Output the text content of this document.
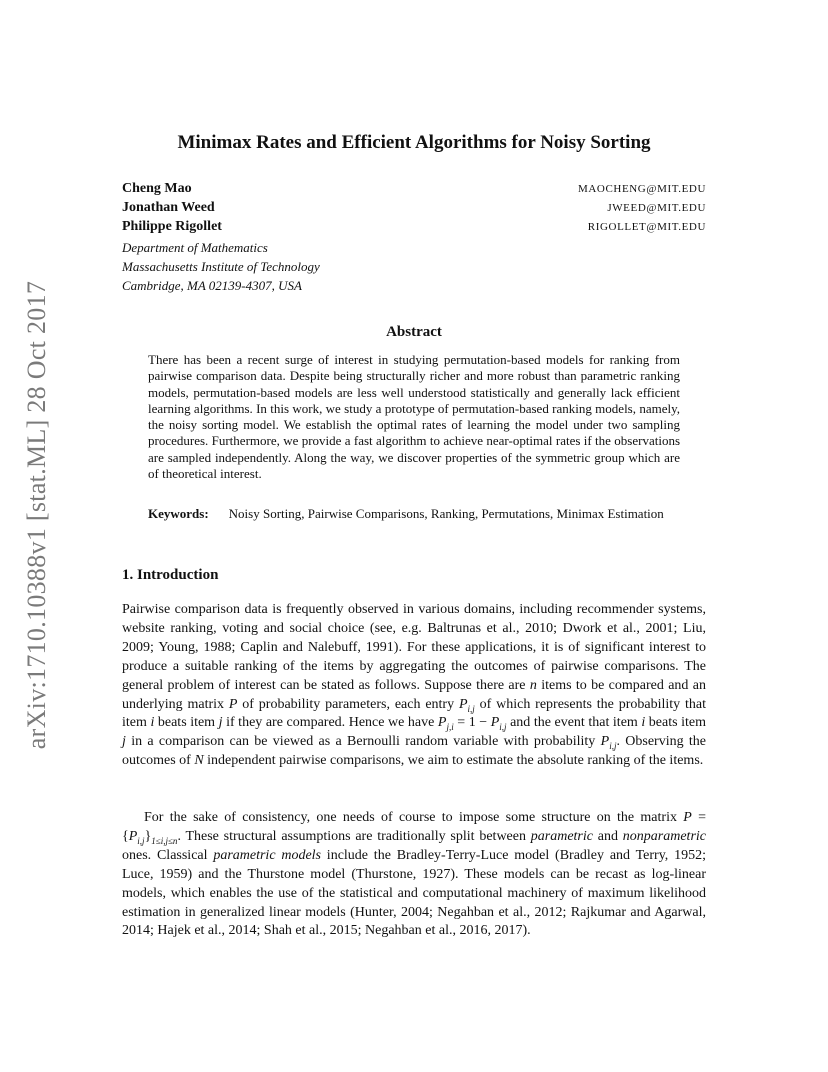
arXiv:1710.10388v1 [stat.ML] 28 Oct 2017
Minimax Rates and Efficient Algorithms for Noisy Sorting
Cheng Mao	MAOCHENG@MIT.EDU
Jonathan Weed	JWEED@MIT.EDU
Philippe Rigollet	RIGOLLET@MIT.EDU
Department of Mathematics
Massachusetts Institute of Technology
Cambridge, MA 02139-4307, USA
Abstract
There has been a recent surge of interest in studying permutation-based models for ranking from pairwise comparison data. Despite being structurally richer and more robust than parametric ranking models, permutation-based models are less well understood statistically and generally lack efficient learning algorithms. In this work, we study a prototype of permutation-based ranking models, namely, the noisy sorting model. We establish the optimal rates of learning the model under two sampling procedures. Furthermore, we provide a fast algorithm to achieve near-optimal rates if the observations are sampled independently. Along the way, we discover properties of the symmetric group which are of theoretical interest.
Keywords: Noisy Sorting, Pairwise Comparisons, Ranking, Permutations, Minimax Estimation
1. Introduction
Pairwise comparison data is frequently observed in various domains, including recommender systems, website ranking, voting and social choice (see, e.g. Baltrunas et al., 2010; Dwork et al., 2001; Liu, 2009; Young, 1988; Caplin and Nalebuff, 1991). For these applications, it is of significant interest to produce a suitable ranking of the items by aggregating the outcomes of pairwise comparisons. The general problem of interest can be stated as follows. Suppose there are n items to be compared and an underlying matrix P of probability parameters, each entry $P_{i,j}$ of which represents the probability that item i beats item j if they are compared. Hence we have $P_{j,i} = 1 - P_{i,j}$ and the event that item i beats item j in a comparison can be viewed as a Bernoulli random variable with probability $P_{i,j}$. Observing the outcomes of N independent pairwise comparisons, we aim to estimate the absolute ranking of the items.
For the sake of consistency, one needs of course to impose some structure on the matrix $P = \{P_{i,j}\}_{1\le i,j\le n}$. These structural assumptions are traditionally split between parametric and nonparametric ones. Classical parametric models include the Bradley-Terry-Luce model (Bradley and Terry, 1952; Luce, 1959) and the Thurstone model (Thurstone, 1927). These models can be recast as log-linear models, which enables the use of the statistical and computational machinery of maximum likelihood estimation in generalized linear models (Hunter, 2004; Negahban et al., 2012; Rajkumar and Agarwal, 2014; Hajek et al., 2014; Shah et al., 2015; Negahban et al., 2016, 2017).
